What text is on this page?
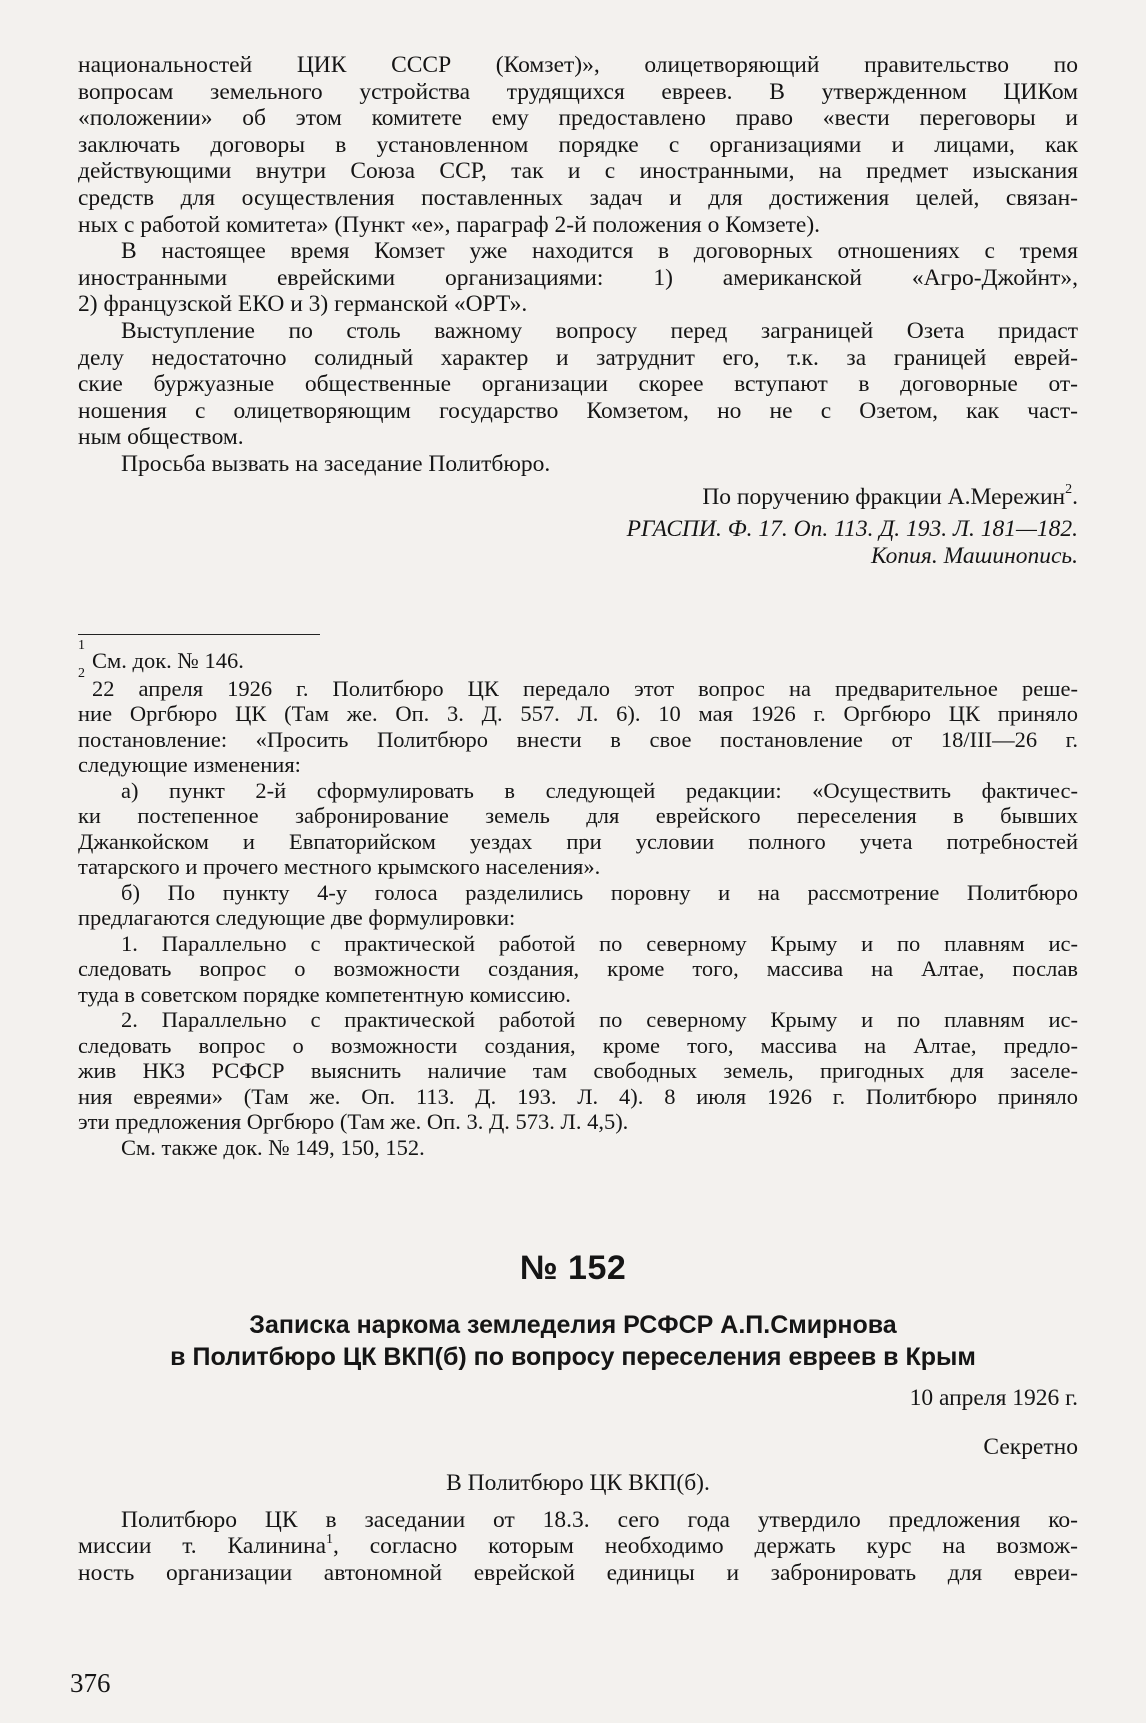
национальностей ЦИК СССР (Комзет)», олицетворяющий правительство по
вопросам земельного устройства трудящихся евреев. В утвержденном ЦИКом
«положении» об этом комитете ему предоставлено право «вести переговоры и
заключать договоры в установленном порядке с организациями и лицами, как
действующими внутри Союза ССР, так и с иностранными, на предмет изыскания
средств для осуществления поставленных задач и для достижения целей, связан-
ных с работой комитета» (Пункт «е», параграф 2-й положения о Комзете).
В настоящее время Комзет уже находится в договорных отношениях с тремя
иностранными еврейскими организациями: 1) американской «Агро-Джойнт»,
2) французской ЕКО и 3) германской «ОРТ».
Выступление по столь важному вопросу перед заграницей Озета придаст
делу недостаточно солидный характер и затруднит его, т.к. за границей еврей-
ские буржуазные общественные организации скорее вступают в договорные от-
ношения с олицетворяющим государство Комзетом, но не с Озетом, как част-
ным обществом.
Просьба вызвать на заседание Политбюро.
По поручению фракции А.Мережин$^2$.
РГАСПИ. Ф. 17. Оп. 113. Д. 193. Л. 181—182.
Копия. Машинопись.
$^1$См. док. № 146.
$^2$22 апреля 1926 г. Политбюро ЦК передало этот вопрос на предварительное реше-
ние Оргбюро ЦК (Там же. Оп. 3. Д. 557. Л. 6). 10 мая 1926 г. Оргбюро ЦК приняло
постановление: «Просить Политбюро внести в свое постановление от 18/III—26 г.
следующие изменения:
а) пункт 2-й сформулировать в следующей редакции: «Осуществить фактичес-
ки постепенное забронирование земель для еврейского переселения в бывших
Джанкойском и Евпаторийском уездах при условии полного учета потребностей
татарского и прочего местного крымского населения».
б) По пункту 4-у голоса разделились поровну и на рассмотрение Политбюро
предлагаются следующие две формулировки:
1. Параллельно с практической работой по северному Крыму и по плавням ис-
следовать вопрос о возможности создания, кроме того, массива на Алтае, послав
туда в советском порядке компетентную комиссию.
2. Параллельно с практической работой по северному Крыму и по плавням ис-
следовать вопрос о возможности создания, кроме того, массива на Алтае, предло-
жив НКЗ РСФСР выяснить наличие там свободных земель, пригодных для заселе-
ния евреями» (Там же. Оп. 113. Д. 193. Л. 4). 8 июля 1926 г. Политбюро приняло
эти предложения Оргбюро (Там же. Оп. 3. Д. 573. Л. 4,5).
См. также док. № 149, 150, 152.
№ 152
Записка наркома земледелия РСФСР А.П.Смирнова
в Политбюро ЦК ВКП(б) по вопросу переселения евреев в Крым
10 апреля 1926 г.
Секретно
В Политбюро ЦК ВКП(б).
Политбюро ЦК в заседании от 18.3. сего года утвердило предложения ко-
миссии т. Калинина$^1$, согласно которым необходимо держать курс на возмож-
ность организации автономной еврейской единицы и забронировать для евреи-
376
